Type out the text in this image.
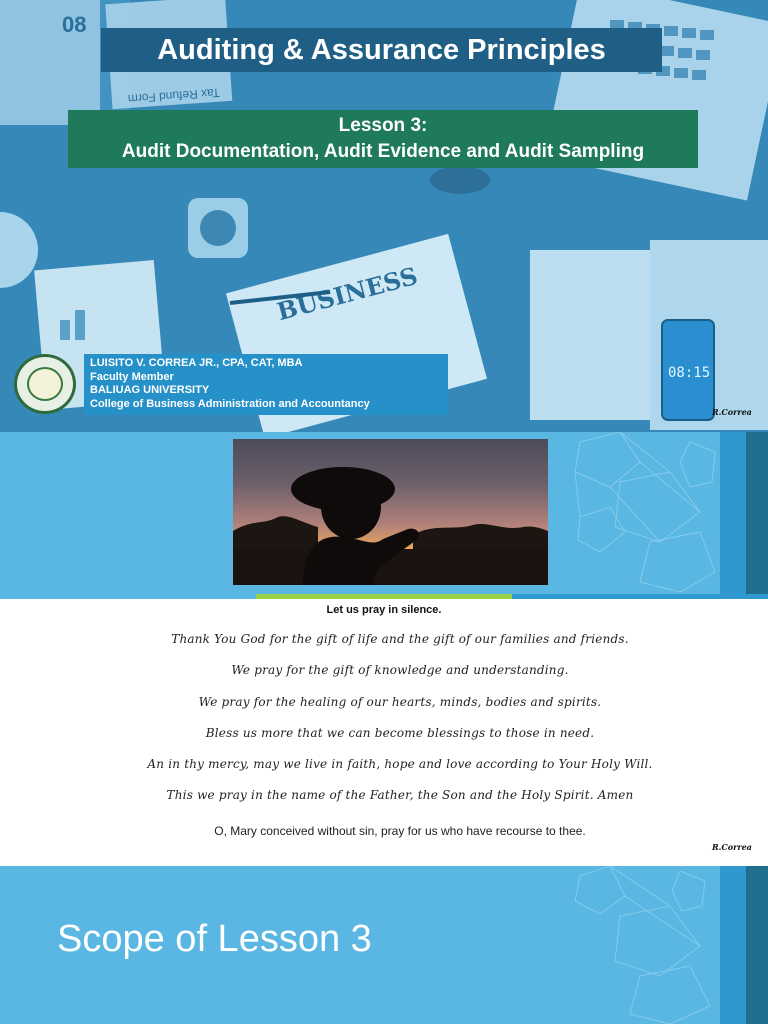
08
Tax Refund Form
BUSINESS
08:15
Auditing & Assurance Principles
Lesson 3:
Audit Documentation, Audit Evidence and Audit Sampling
LUISITO V. CORREA JR., CPA, CAT, MBA
Faculty Member
BALIUAG UNIVERSITY
College of Business Administration and Accountancy
R.Correa
Let us pray in silence.
Thank You God for the gift of life and the gift of our families and friends.
We pray for the gift of knowledge and understanding.
We pray for the healing of our hearts, minds, bodies and spirits.
Bless us more that we can become blessings to those in need.
An in thy mercy, may we live in faith, hope and love according to Your Holy Will.
This we pray in the name of the Father, the Son and the Holy Spirit. Amen
O, Mary conceived without sin, pray for us who have recourse to thee.
R.Correa
Scope of Lesson 3
